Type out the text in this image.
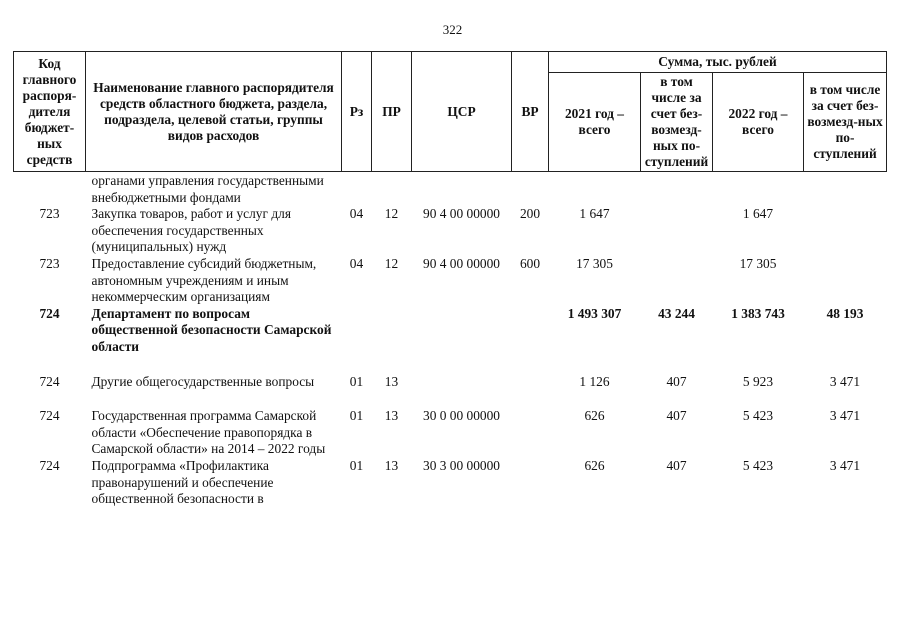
322
Код главного распоря-дителя бюджет-ных средств	Наименование главного распорядителя средств областного бюджета, раздела, подраздела, целевой статьи, группы видов расходов	Рз	ПР	ЦСР	ВР	Сумма, тыс. рублей			
						2021 год – всего	в том числе за счет без-возмезд-ных по-ступлений	2022 год – всего	в том числе за счет без-возмезд-ных по-ступлений
	органами управления государственными внебюджетными фондами								
723	Закупка товаров, работ и услуг для обеспечения государственных (муниципальных) нужд	04	12	90 4 00 00000	200	1 647		1 647	
723	Предоставление субсидий бюджетным, автономным учреждениям и иным некоммерческим организациям	04	12	90 4 00 00000	600	17 305		17 305	
724	Департамент по вопросам общественной безопасности Самарской области					1 493 307	43 244	1 383 743	48 193
724	Другие общегосударственные вопросы	01	13			1 126	407	5 923	3 471
724	Государственная программа Самарской области «Обеспечение правопорядка в Самарской области» на 2014 – 2022 годы	01	13	30 0 00 00000		626	407	5 423	3 471
724	Подпрограмма «Профилактика правонарушений и обеспечение общественной безопасности в	01	13	30 3 00 00000		626	407	5 423	3 471
